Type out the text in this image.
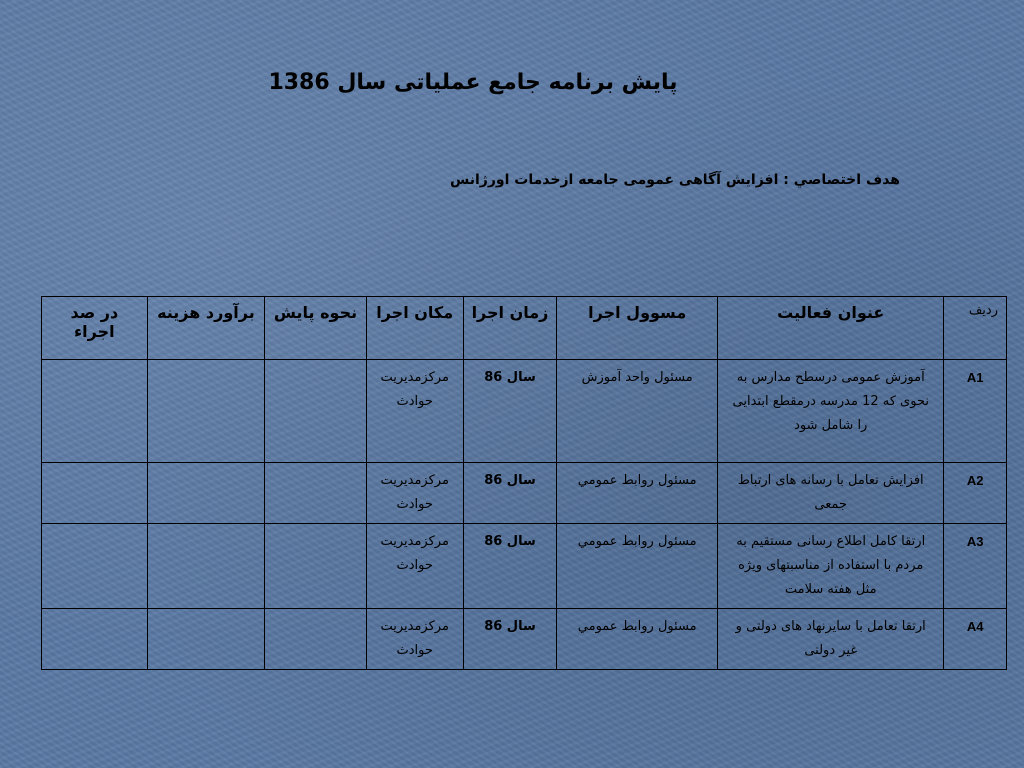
پایش برنامه جامع عملیاتی سال 1386
هدف اختصاصي : افزایش آگاهی عمومی جامعه ازخدمات اورژانس
رديف	عنوان فعالیت	مسوول اجرا	زمان اجرا	مکان اجرا	نحوه پایش	برآورد هزینه	در صد اجراء
A1	آموزش عمومی درسطح مدارس به نحوی که 12 مدرسه درمقطع ابتدایی را شامل شود	مسئول واحد آموزش	سال 86	مرکزمدیریت حوادث			
A2	افزایش تعامل با رسانه های ارتباط جمعی	مسئول روابط عمومي	سال 86	مرکزمدیریت حوادث			
A3	ارتقا کامل اطلاع رسانی مستقیم به مردم با استفاده از مناسبتهای ویژه مثل هفته سلامت	مسئول روابط عمومي	سال 86	مرکزمدیریت حوادث			
A4	ارتقا تعامل با سایرنهاد های دولتی و غیر دولتی	مسئول روابط عمومي	سال 86	مرکزمدیریت حوادث			
